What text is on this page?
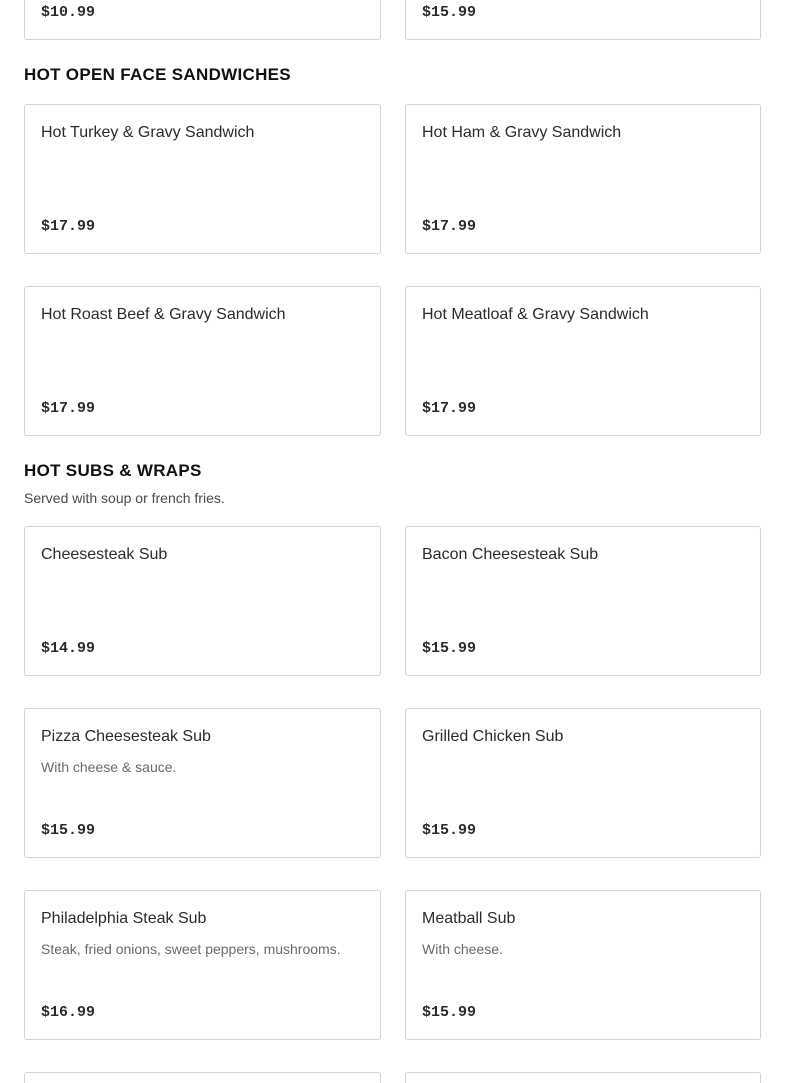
$10.99	$15.99
HOT OPEN FACE SANDWICHES
Hot Turkey & Gravy Sandwich
$17.99
Hot Ham & Gravy Sandwich
$17.99
Hot Roast Beef & Gravy Sandwich
$17.99
Hot Meatloaf & Gravy Sandwich
$17.99
HOT SUBS & WRAPS
Served with soup or french fries.
Cheesesteak Sub
$14.99
Bacon Cheesesteak Sub
$15.99
Pizza Cheesesteak Sub
With cheese & sauce.
$15.99
Grilled Chicken Sub
$15.99
Philadelphia Steak Sub
Steak, fried onions, sweet peppers, mushrooms.
$16.99
Meatball Sub
With cheese.
$15.99
